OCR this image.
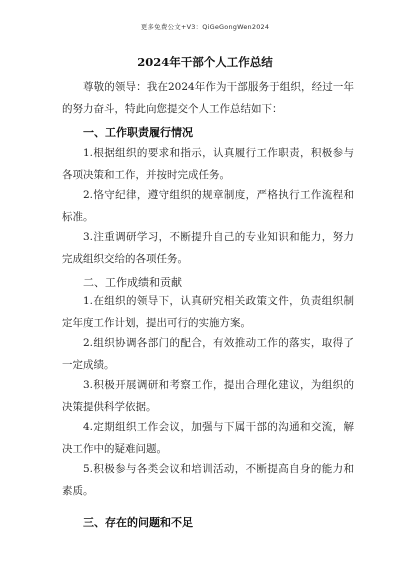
更多免费公文+V3：QiGeGongWen2024
2024年干部个人工作总结
尊敬的领导：我在2024年作为干部服务于组织，经过一年的努力奋斗，特此向您提交个人工作总结如下：
一、工作职责履行情况
1.根据组织的要求和指示，认真履行工作职责，积极参与各项决策和工作，并按时完成任务。
2.恪守纪律，遵守组织的规章制度，严格执行工作流程和标准。
3.注重调研学习，不断提升自己的专业知识和能力，努力完成组织交给的各项任务。
二、工作成绩和贡献
1.在组织的领导下，认真研究相关政策文件，负责组织制定年度工作计划，提出可行的实施方案。
2.组织协调各部门的配合，有效推动工作的落实，取得了一定成绩。
3.积极开展调研和考察工作，提出合理化建议，为组织的决策提供科学依据。
4.定期组织工作会议，加强与下属干部的沟通和交流，解决工作中的疑难问题。
5.积极参与各类会议和培训活动，不断提高自身的能力和素质。
三、存在的问题和不足
